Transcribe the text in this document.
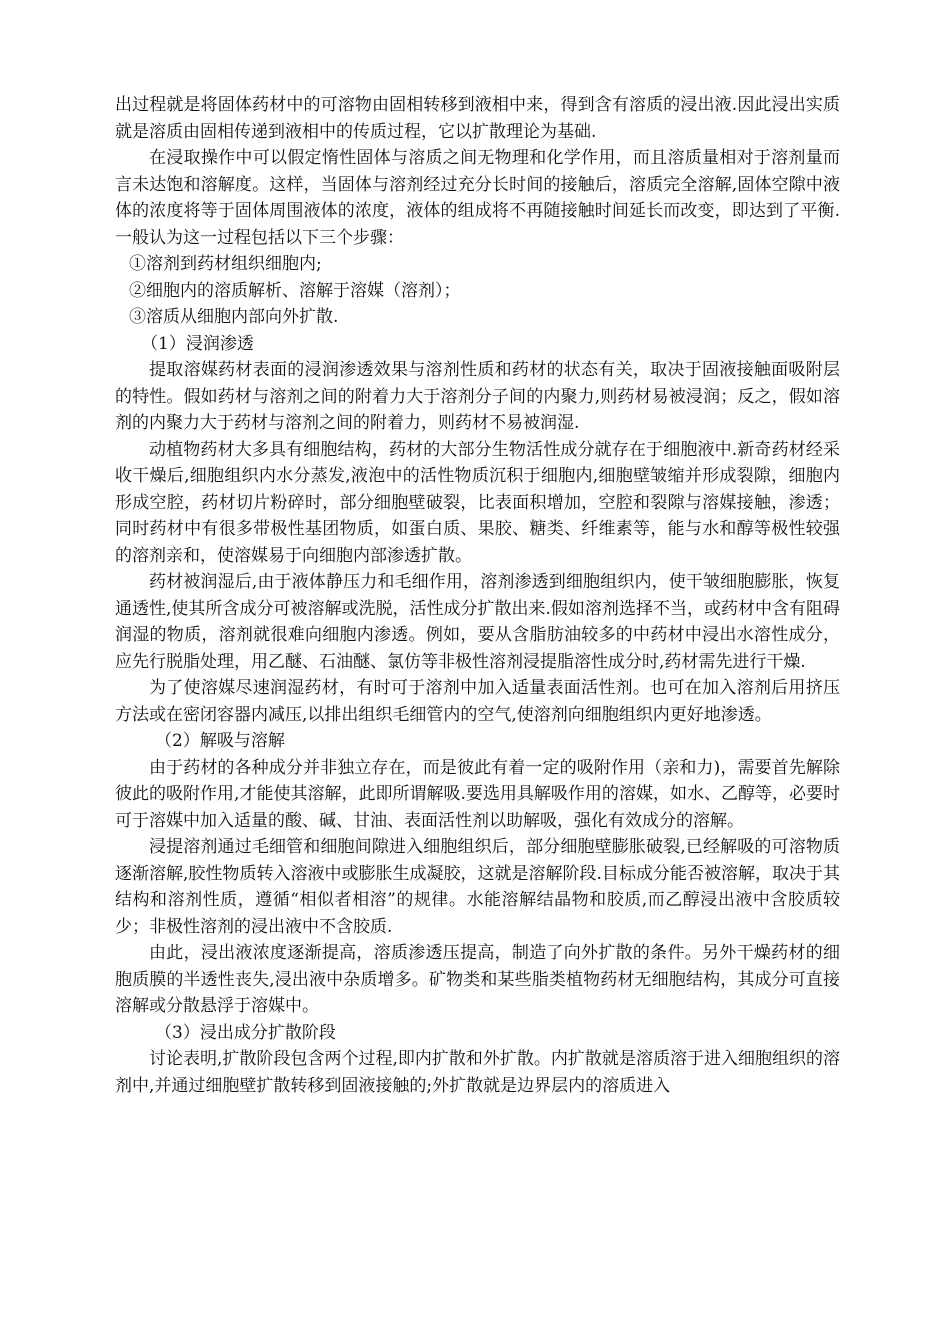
出过程就是将固体药材中的可溶物由固相转移到液相中来，得到含有溶质的浸出液.因此浸出实质就是溶质由固相传递到液相中的传质过程，它以扩散理论为基础.

在浸取操作中可以假定惰性固体与溶质之间无物理和化学作用，而且溶质量相对于溶剂量而言未达饱和溶解度。这样，当固体与溶剂经过充分长时间的接触后，溶质完全溶解,固体空隙中液体的浓度将等于固体周围液体的浓度，液体的组成将不再随接触时间延长而改变，即达到了平衡.一般认为这一过程包括以下三个步骤：

①溶剂到药材组织细胞内;

②细胞内的溶质解析、溶解于溶媒（溶剂）；

③溶质从细胞内部向外扩散.

（1）浸润渗透

提取溶媒药材表面的浸润渗透效果与溶剂性质和药材的状态有关，取决于固液接触面吸附层的特性。假如药材与溶剂之间的附着力大于溶剂分子间的内聚力,则药材易被浸润；反之，假如溶剂的内聚力大于药材与溶剂之间的附着力，则药材不易被润湿.

动植物药材大多具有细胞结构，药材的大部分生物活性成分就存在于细胞液中.新奇药材经采收干燥后,细胞组织内水分蒸发,液泡中的活性物质沉积于细胞内,细胞壁皱缩并形成裂隙，细胞内形成空腔，药材切片粉碎时，部分细胞壁破裂，比表面积增加，空腔和裂隙与溶媒接触，渗透；同时药材中有很多带极性基团物质，如蛋白质、果胶、糖类、纤维素等，能与水和醇等极性较强的溶剂亲和，使溶媒易于向细胞内部渗透扩散。

药材被润湿后,由于液体静压力和毛细作用，溶剂渗透到细胞组织内，使干皱细胞膨胀，恢复通透性,使其所含成分可被溶解或洗脱，活性成分扩散出来.假如溶剂选择不当，或药材中含有阻碍润湿的物质，溶剂就很难向细胞内渗透。例如，要从含脂肪油较多的中药材中浸出水溶性成分，应先行脱脂处理，用乙醚、石油醚、氯仿等非极性溶剂浸提脂溶性成分时,药材需先进行干燥.

为了使溶媒尽速润湿药材，有时可于溶剂中加入适量表面活性剂。也可在加入溶剂后用挤压方法或在密闭容器内减压,以排出组织毛细管内的空气,使溶剂向细胞组织内更好地渗透。

（2）解吸与溶解

由于药材的各种成分并非独立存在，而是彼此有着一定的吸附作用（亲和力)，需要首先解除彼此的吸附作用,才能使其溶解，此即所谓解吸.要选用具解吸作用的溶媒，如水、乙醇等，必要时可于溶媒中加入适量的酸、碱、甘油、表面活性剂以助解吸，强化有效成分的溶解。

浸提溶剂通过毛细管和细胞间隙进入细胞组织后，部分细胞壁膨胀破裂,已经解吸的可溶物质逐渐溶解,胶性物质转入溶液中或膨胀生成凝胶，这就是溶解阶段.目标成分能否被溶解，取决于其结构和溶剂性质，遵循“相似者相溶”的规律。水能溶解结晶物和胶质,而乙醇浸出液中含胶质较少；非极性溶剂的浸出液中不含胶质.

由此，浸出液浓度逐渐提高，溶质渗透压提高，制造了向外扩散的条件。另外干燥药材的细胞质膜的半透性丧失,浸出液中杂质增多。矿物类和某些脂类植物药材无细胞结构，其成分可直接溶解或分散悬浮于溶媒中。

（3）浸出成分扩散阶段

讨论表明,扩散阶段包含两个过程,即内扩散和外扩散。内扩散就是溶质溶于进入细胞组织的溶剂中,并通过细胞壁扩散转移到固液接触的;外扩散就是边界层内的溶质进入
